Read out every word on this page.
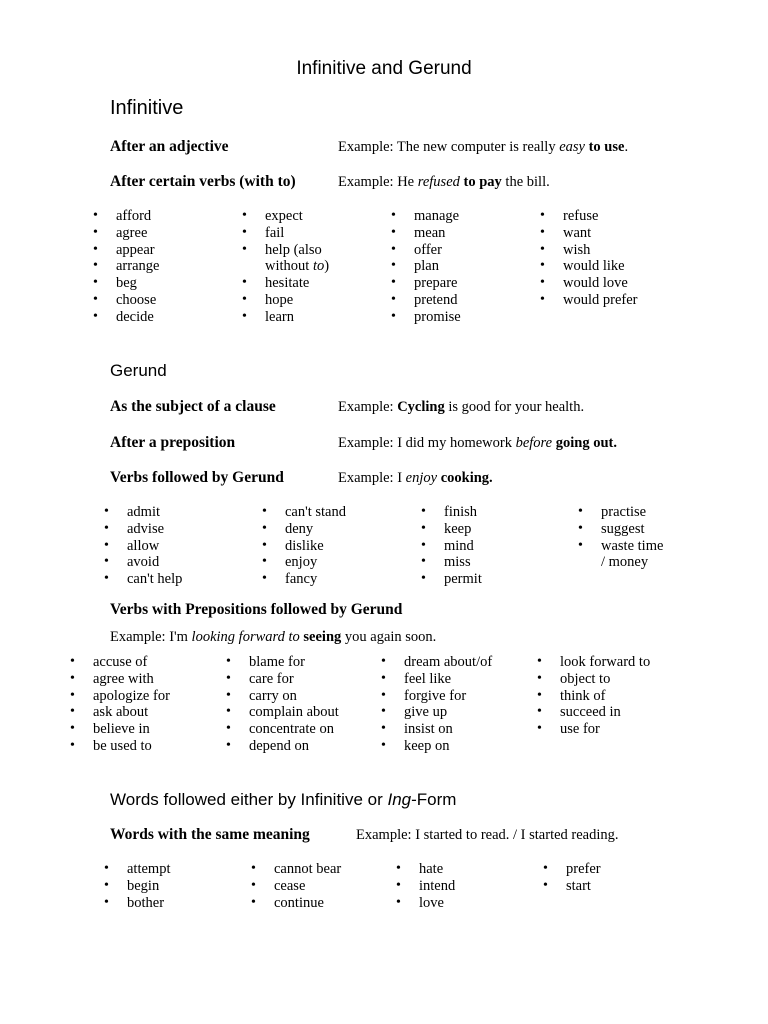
Infinitive and Gerund
Infinitive
After an adjective	Example: The new computer is really easy to use.
After certain verbs (with to)	Example: He refused to pay the bill.
• afford
• agree
• appear
• arrange
• beg
• choose
• decide
• expect
• fail
• help (also
without to)
• hesitate
• hope
• learn
• manage
• mean
• offer
• plan
• prepare
• pretend
• promise
• refuse
• want
• wish
• would like
• would love
• would prefer
Gerund
As the subject of a clause	Example: Cycling is good for your health.
After a preposition	Example: I did my homework before going out.
Verbs followed by Gerund	Example: I enjoy cooking.
• admit
• advise
• allow
• avoid
• can't help
• can't stand
• deny
• dislike
• enjoy
• fancy
• finish
• keep
• mind
• miss
• permit
• practise
• suggest
• waste time
/ money
Verbs with Prepositions followed by Gerund
Example: I'm looking forward to seeing you again soon.
• accuse of
• agree with
• apologize for
• ask about
• believe in
• be used to
• blame for
• care for
• carry on
• complain about
• concentrate on
• depend on
• dream about/of
• feel like
• forgive for
• give up
• insist on
• keep on
• look forward to
• object to
• think of
• succeed in
• use for
Words followed either by Infinitive or Ing-Form
Words with the same meaning	Example: I started to read. / I started reading.
• attempt
• begin
• bother
• cannot bear
• cease
• continue
• hate
• intend
• love
• prefer
• start
